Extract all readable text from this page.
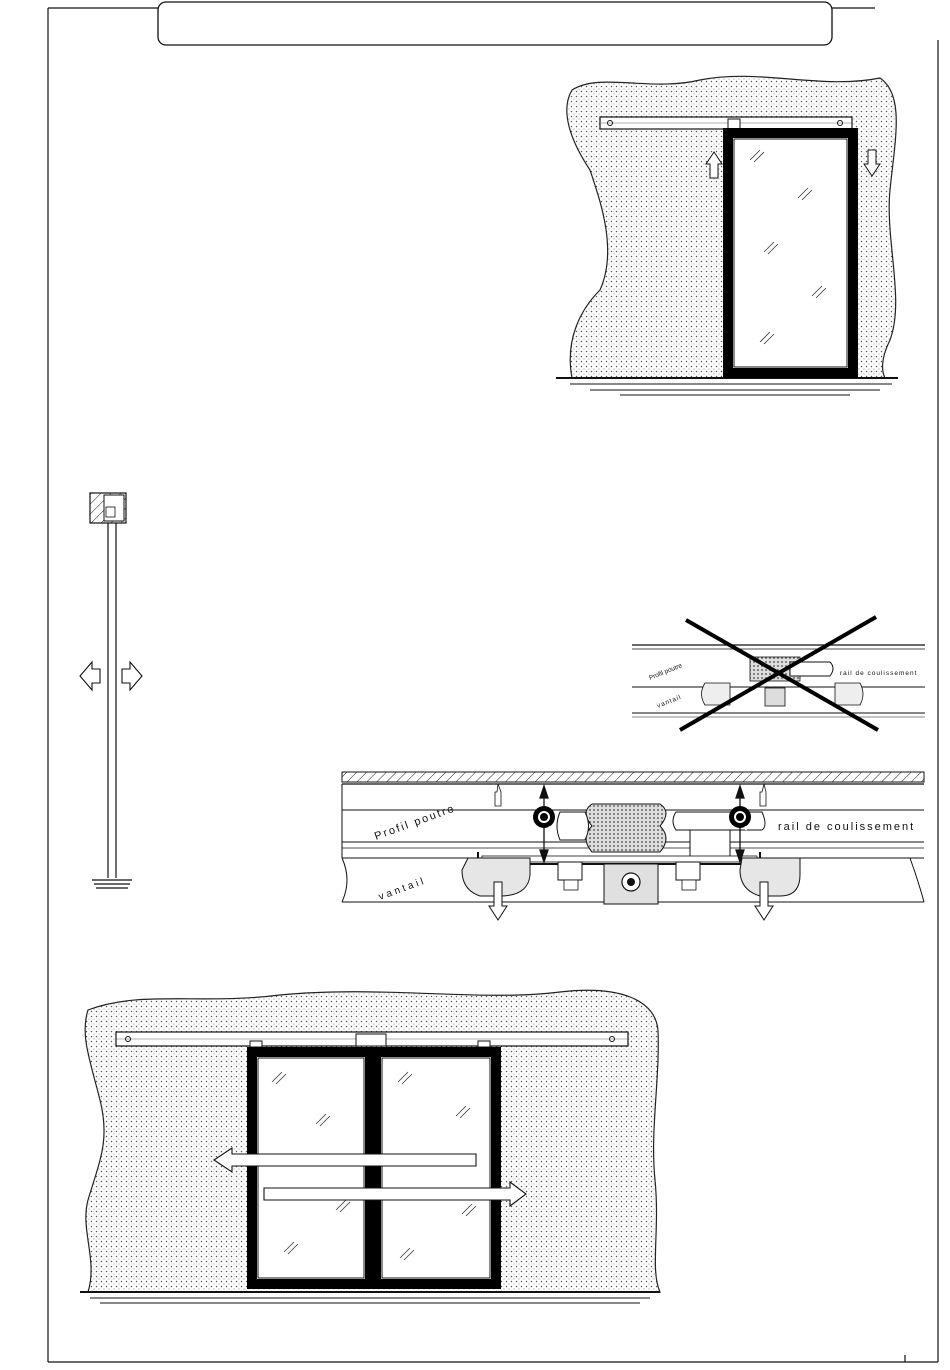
Profil poutre	rail de coulissement
vantail
Q	Q
Profil poutre	rail de coulissement
vantail
